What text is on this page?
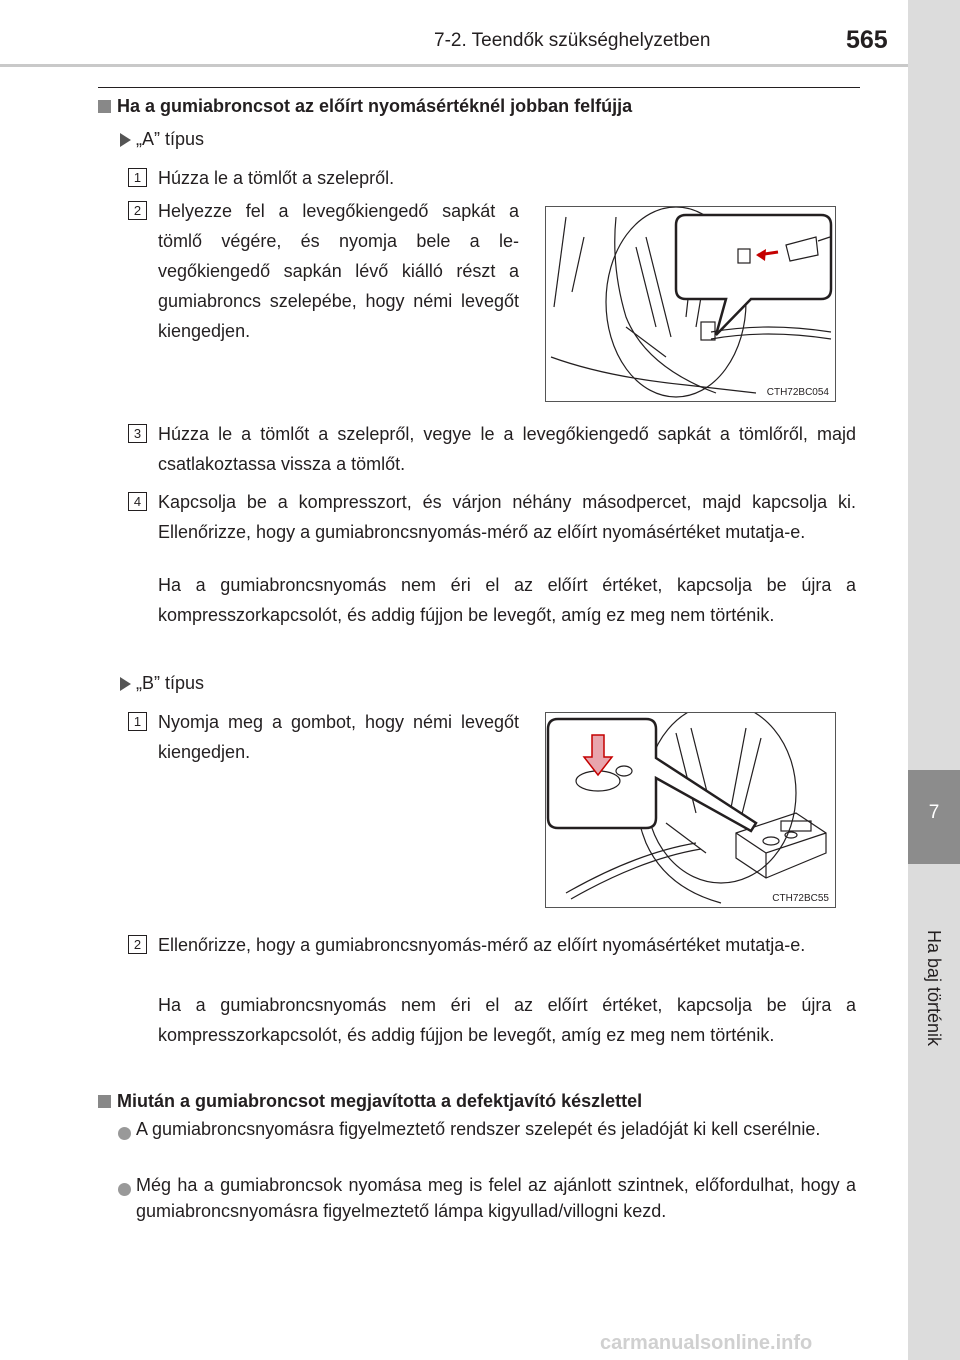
7
Ha baj történik
7-2. Teendők szükséghelyzetben	565
Ha a gumiabroncsot az előírt nyomásértéknél jobban felfújja
„A” típus
1 Húzza le a tömlőt a szelepről.
2 Helyezze fel a levegőkiengedő sapkát a tömlő végére, és nyomja bele a levegőkiengedő sapkán lévő kiálló részt a gumiabroncs szelepébe, hogy némi levegőt kiengedjen.
CTH72BC054
3 Húzza le a tömlőt a szelepről, vegye le a levegőkiengedő sapkát a tömlőről, majd csatlakoztassa vissza a tömlőt.
4 Kapcsolja be a kompresszort, és várjon néhány másodpercet, majd kapcsolja ki. Ellenőrizze, hogy a gumiabroncsnyomás-mérő az előírt nyomásértéket mutatja-e.
Ha a gumiabroncsnyomás nem éri el az előírt értéket, kapcsolja be újra a kompresszorkapcsolót, és addig fújjon be levegőt, amíg ez meg nem történik.
„B” típus
1 Nyomja meg a gombot, hogy némi levegőt kiengedjen.
CTH72BC55
2 Ellenőrizze, hogy a gumiabroncsnyomás-mérő az előírt nyomásértéket mutatja-e.
Ha a gumiabroncsnyomás nem éri el az előírt értéket, kapcsolja be újra a kompresszorkapcsolót, és addig fújjon be levegőt, amíg ez meg nem történik.
Miután a gumiabroncsot megjavította a defektjavító készlettel
A gumiabroncsnyomásra figyelmeztető rendszer szelepét és jeladóját ki kell cserélnie.
Még ha a gumiabroncsok nyomása meg is felel az ajánlott szintnek, előfordulhat, hogy a gumiabroncsnyomásra figyelmeztető lámpa kigyullad/villogni kezd.
carmanualsonline.info
